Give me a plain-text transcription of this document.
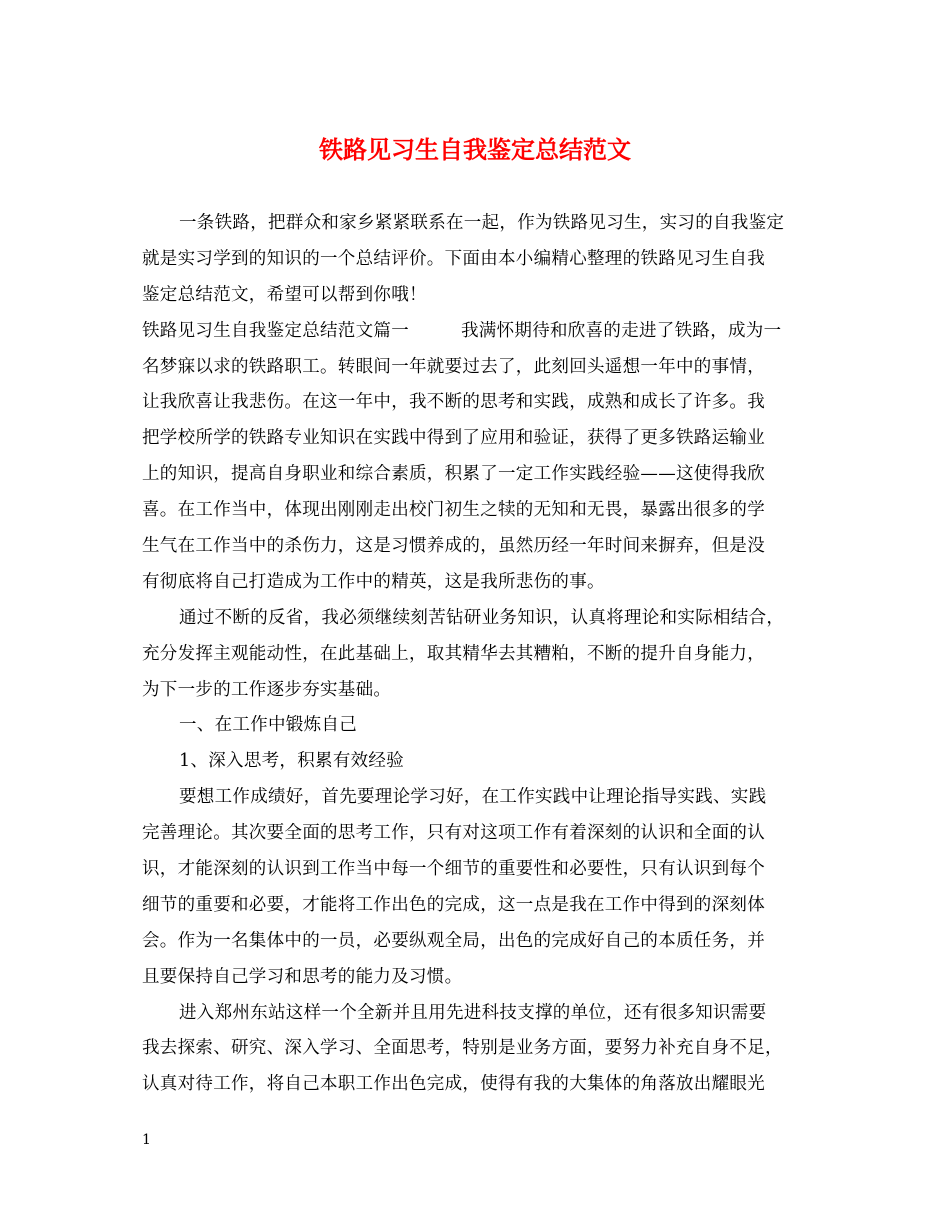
铁路见习生自我鉴定总结范文
一条铁路，把群众和家乡紧紧联系在一起，作为铁路见习生，实习的自我鉴定
就是实习学到的知识的一个总结评价。下面由本小编精心整理的铁路见习生自我
鉴定总结范文，希望可以帮到你哦！
铁路见习生自我鉴定总结范文篇一	我满怀期待和欣喜的走进了铁路，成为一
名梦寐以求的铁路职工。转眼间一年就要过去了，此刻回头遥想一年中的事情，
让我欣喜让我悲伤。在这一年中，我不断的思考和实践，成熟和成长了许多。我
把学校所学的铁路专业知识在实践中得到了应用和验证，获得了更多铁路运输业
上的知识，提高自身职业和综合素质，积累了一定工作实践经验——这使得我欣
喜。在工作当中，体现出刚刚走出校门初生之犊的无知和无畏，暴露出很多的学
生气在工作当中的杀伤力，这是习惯养成的，虽然历经一年时间来摒弃，但是没
有彻底将自己打造成为工作中的精英，这是我所悲伤的事。
通过不断的反省，我必须继续刻苦钻研业务知识，认真将理论和实际相结合，
充分发挥主观能动性，在此基础上，取其精华去其糟粕，不断的提升自身能力，
为下一步的工作逐步夯实基础。
一、在工作中锻炼自己
1、深入思考，积累有效经验
要想工作成绩好，首先要理论学习好，在工作实践中让理论指导实践、实践
完善理论。其次要全面的思考工作，只有对这项工作有着深刻的认识和全面的认
识，才能深刻的认识到工作当中每一个细节的重要性和必要性，只有认识到每个
细节的重要和必要，才能将工作出色的完成，这一点是我在工作中得到的深刻体
会。作为一名集体中的一员，必要纵观全局，出色的完成好自己的本质任务，并
且要保持自己学习和思考的能力及习惯。
进入郑州东站这样一个全新并且用先进科技支撑的单位，还有很多知识需要
我去探索、研究、深入学习、全面思考，特别是业务方面，要努力补充自身不足，
认真对待工作，将自己本职工作出色完成，使得有我的大集体的角落放出耀眼光
1
